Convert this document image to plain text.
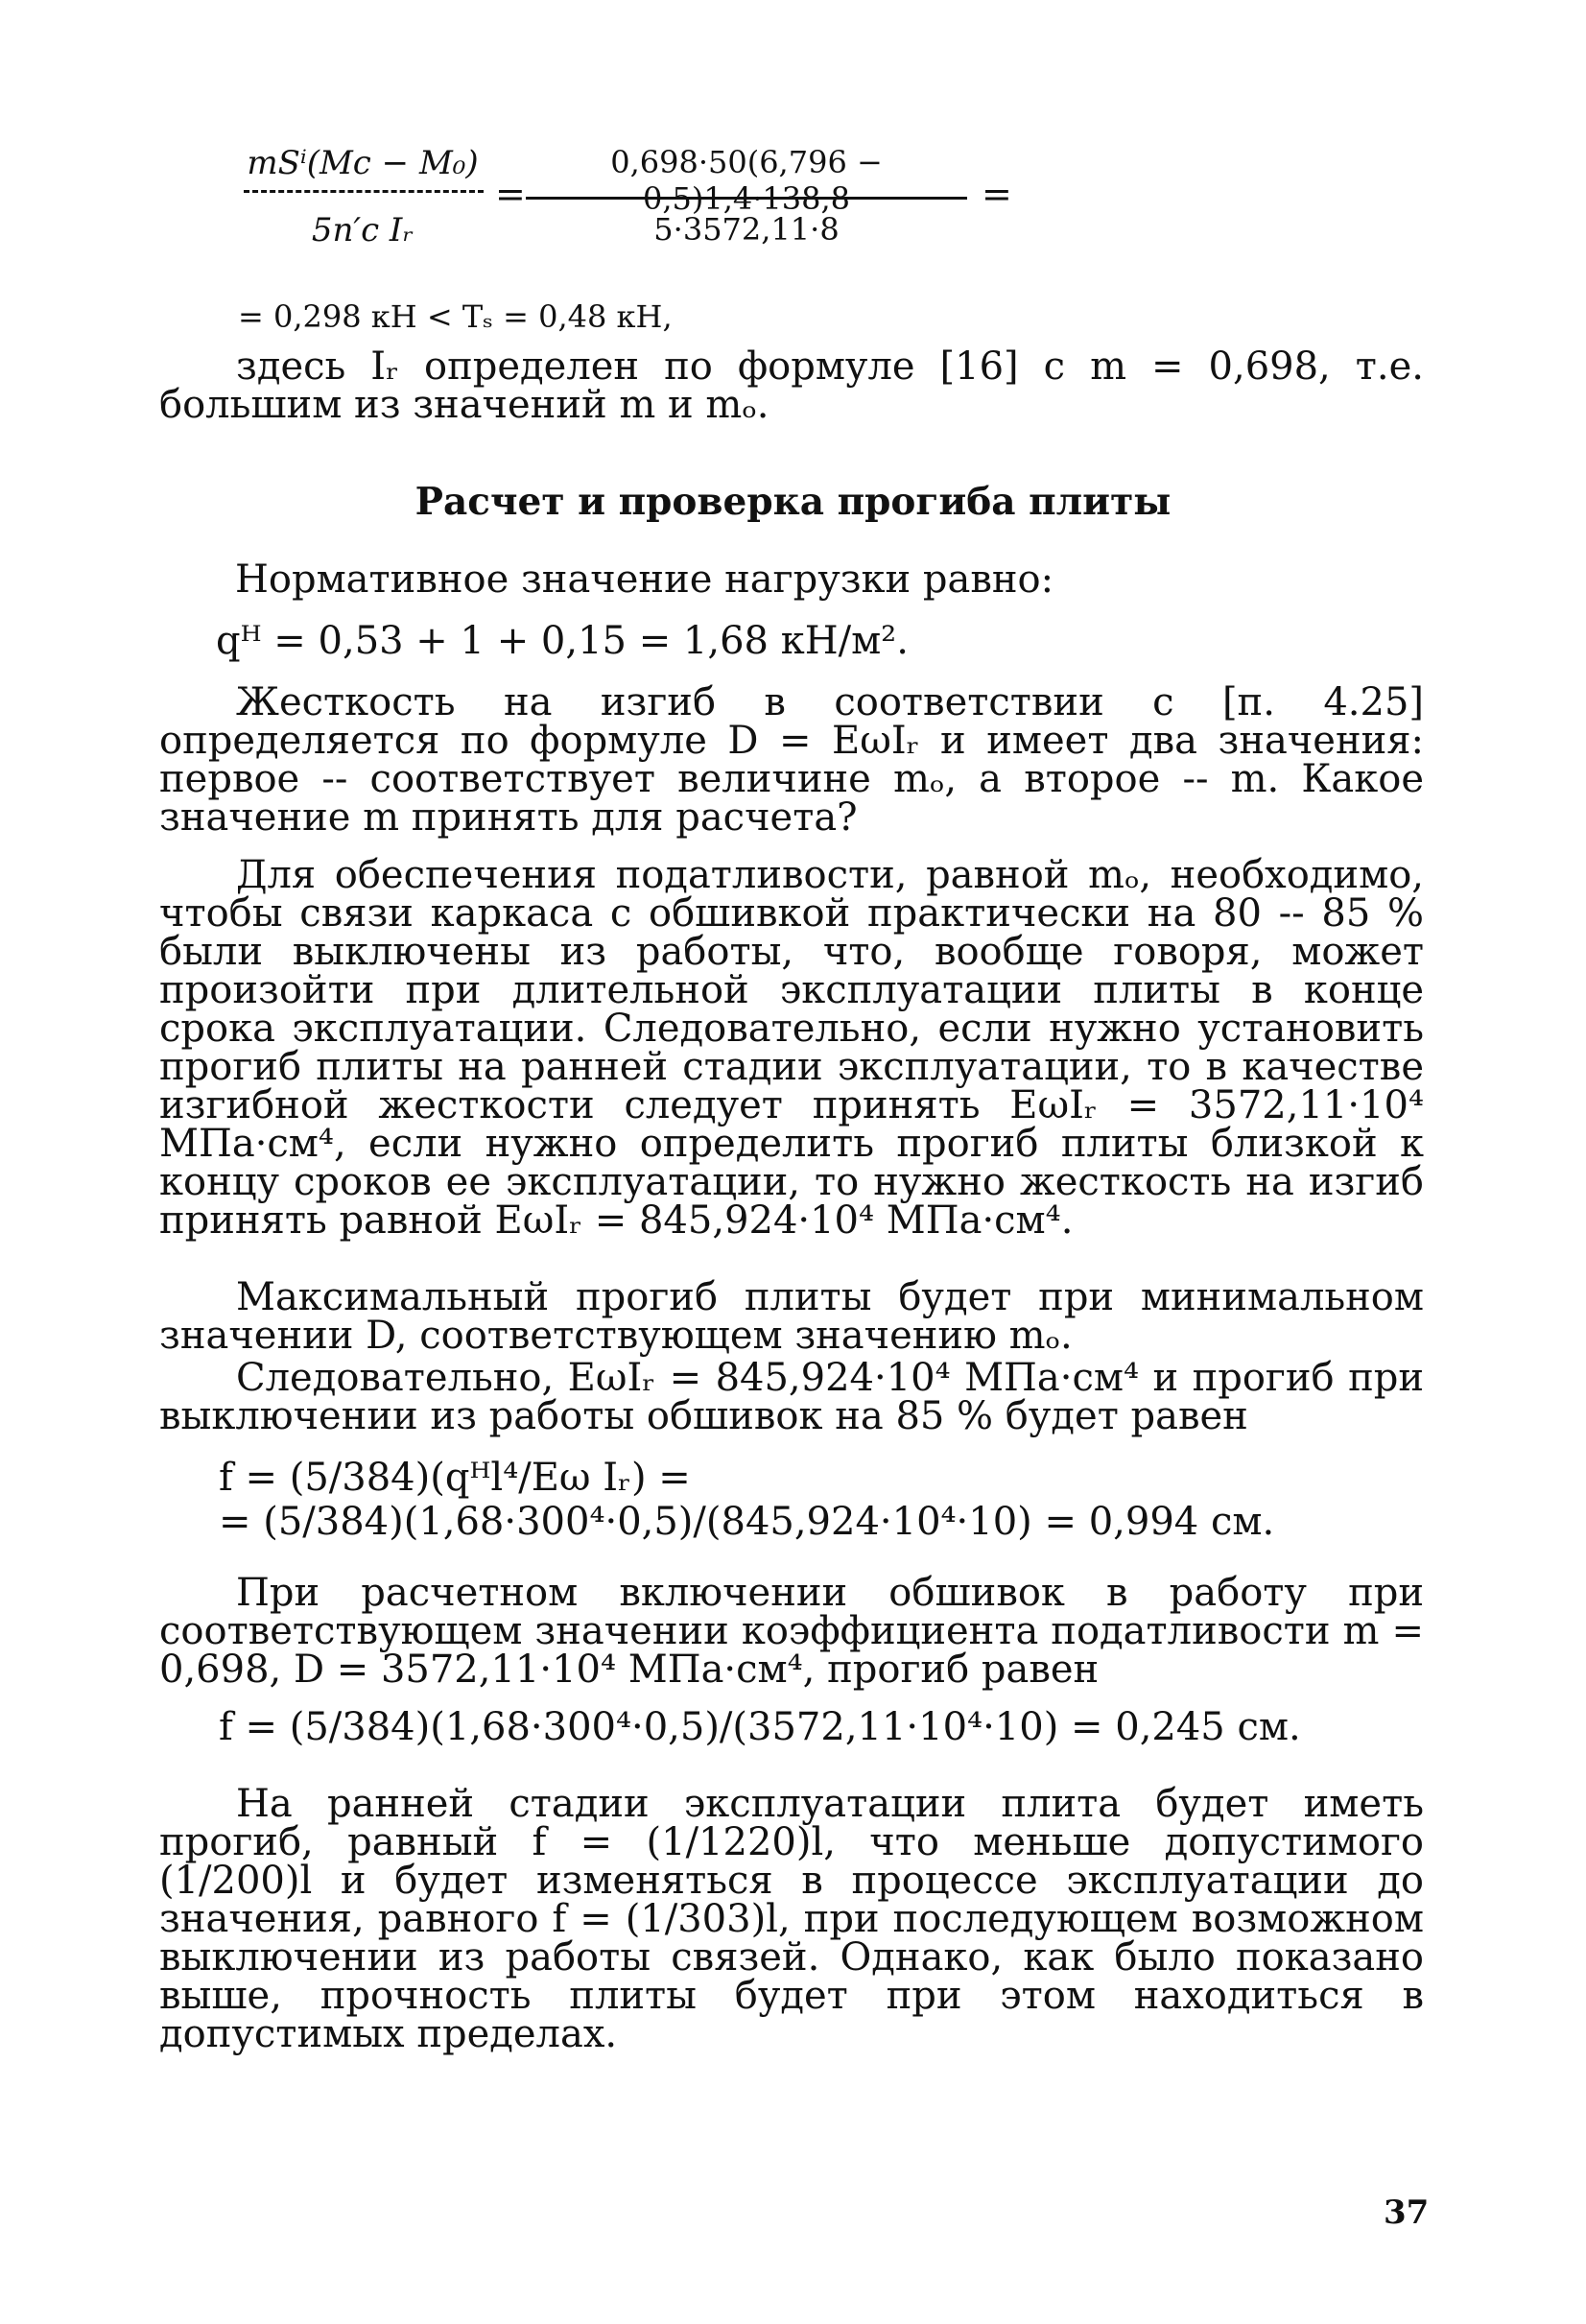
mSⁱ(Mc − M₀)
5n′c Iᵣ
=
0,698·50(6,796 − 0,5)1,4·138,8
5·3572,11·8
=
= 0,298 кН < Tₛ = 0,48 кН,
здесь Iᵣ определен по формуле [16] с m = 0,698, т.е. большим из значений m и mₒ.
Расчет и проверка прогиба плиты
Нормативное значение нагрузки равно:
qᴴ = 0,53 + 1 + 0,15 = 1,68 кН/м².
Жесткость на изгиб в соответствии с [п. 4.25] определяется по формуле D = EωIᵣ и имеет два значения: первое -- соответствует величине mₒ, а второе -- m. Какое значение m принять для расчета?
Для обеспечения податливости, равной mₒ, необходимо, чтобы связи каркаса с обшивкой практически на 80 -- 85 % были выключены из работы, что, вообще говоря, может произойти при длительной эксплуатации плиты в конце срока эксплуатации. Следовательно, если нужно установить прогиб плиты на ранней стадии эксплуатации, то в качестве изгибной жесткости следует принять EωIᵣ = 3572,11·10⁴ МПа·см⁴, если нужно определить прогиб плиты близкой к концу сроков ее эксплуатации, то нужно жесткость на изгиб принять равной EωIᵣ = 845,924·10⁴ МПа·см⁴.
Максимальный прогиб плиты будет при минимальном значении D, соответствующем значению mₒ.
Следовательно, EωIᵣ = 845,924·10⁴ МПа·см⁴ и прогиб при выключении из работы обшивок на 85 % будет равен
f = (5/384)(qᴴl⁴/Eω Iᵣ) =
= (5/384)(1,68·300⁴·0,5)/(845,924·10⁴·10) = 0,994 см.
При расчетном включении обшивок в работу при соответствующем значении коэффициента податливости m = 0,698, D = 3572,11·10⁴ МПа·см⁴, прогиб равен
f = (5/384)(1,68·300⁴·0,5)/(3572,11·10⁴·10) = 0,245 см.
На ранней стадии эксплуатации плита будет иметь прогиб, равный f = (1/1220)l, что меньше допустимого (1/200)l и будет изменяться в процессе эксплуатации до значения, равного f = (1/303)l, при последующем возможном выключении из работы связей. Однако, как было показано выше, прочность плиты будет при этом находиться в допустимых пределах.
37
